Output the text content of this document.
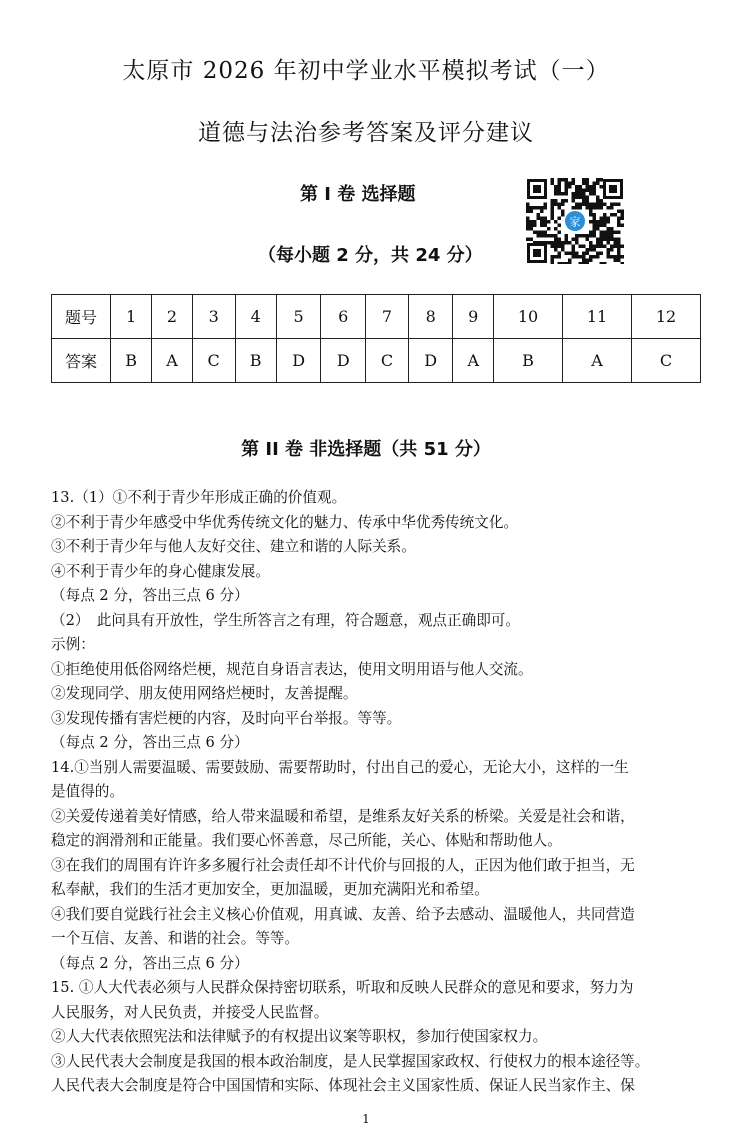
太原市 2026 年初中学业水平模拟考试（一）
道德与法治参考答案及评分建议
第 I 卷 选择题
（每小题 2 分，共 24 分）
家
题号	1	2	3	4	5	6	7	8	9	10	11	12
答案	B	A	C	B	D	D	C	D	A	B	A	C
第 II 卷 非选择题（共 51 分）
13.（1）①不利于青少年形成正确的价值观。
②不利于青少年感受中华优秀传统文化的魅力、传承中华优秀传统文化。
③不利于青少年与他人友好交往、建立和谐的人际关系。
④不利于青少年的身心健康发展。
（每点 2 分，答出三点 6 分）
（2）　此问具有开放性，学生所答言之有理，符合题意，观点正确即可。
示例：
①拒绝使用低俗网络烂梗，规范自身语言表达，使用文明用语与他人交流。
②发现同学、朋友使用网络烂梗时，友善提醒。
③发现传播有害烂梗的内容，及时向平台举报。等等。
（每点 2 分，答出三点 6 分）
14.①当别人需要温暖、需要鼓励、需要帮助时，付出自己的爱心，无论大小，这样的一生
是值得的。
②关爱传递着美好情感，给人带来温暖和希望，是维系友好关系的桥梁。关爱是社会和谐，
稳定的润滑剂和正能量。我们要心怀善意，尽己所能，关心、体贴和帮助他人。
③在我们的周围有许许多多履行社会责任却不计代价与回报的人，正因为他们敢于担当，无
私奉献，我们的生活才更加安全，更加温暖，更加充满阳光和希望。
④我们要自觉践行社会主义核心价值观，用真诚、友善、给予去感动、温暖他人，共同营造
一个互信、友善、和谐的社会。等等。
（每点 2 分，答出三点 6 分）
15. ①人大代表必须与人民群众保持密切联系，听取和反映人民群众的意见和要求，努力为
人民服务，对人民负责，并接受人民监督。
②人大代表依照宪法和法律赋予的有权提出议案等职权，参加行使国家权力。
③人民代表大会制度是我国的根本政治制度，是人民掌握国家政权、行使权力的根本途径等。
人民代表大会制度是符合中国国情和实际、体现社会主义国家性质、保证人民当家作主、保
1
